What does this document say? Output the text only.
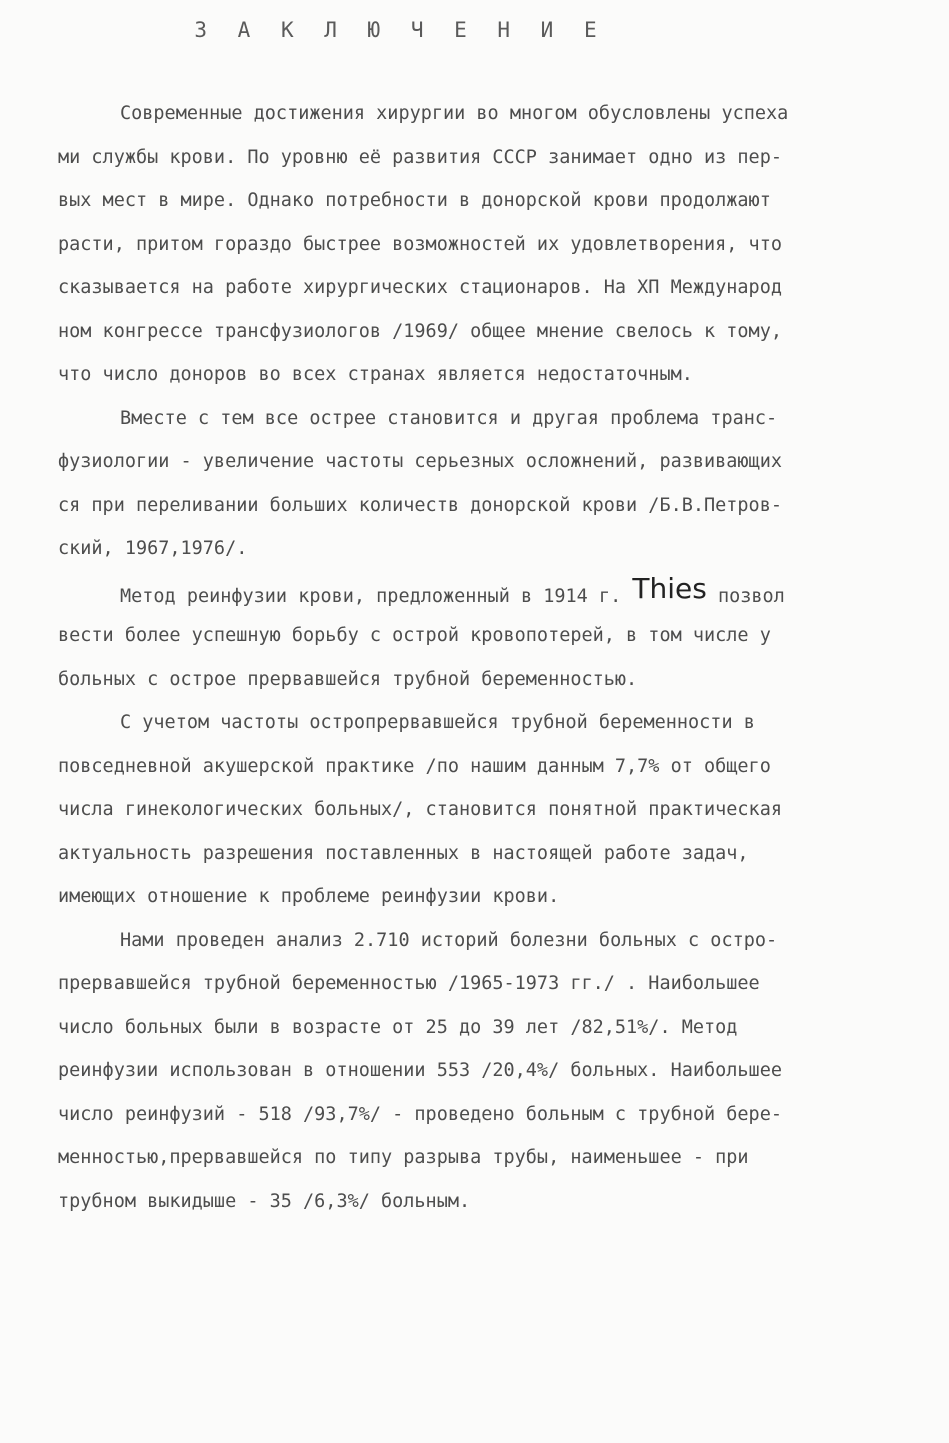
З А К Л Ю Ч Е Н И Е
Современные достижения хирургии во многом обусловлены успеха
ми службы крови. По уровню её развития СССР занимает одно из пер-
вых мест в мире. Однако потребности в донорской крови продолжают
расти, притом гораздо быстрее возможностей их удовлетворения, что
сказывается на работе хирургических стационаров. На ХП Международ
ном конгрессе трансфузиологов /1969/ общее мнение свелось к тому,
что число доноров во всех странах является недостаточным.
Вместе с тем все острее становится и другая проблема транс-
фузиологии - увеличение частоты серьезных осложнений, развивающих
ся при переливании больших количеств донорской крови /Б.В.Петров-
ский, 1967,1976/.
Метод реинфузии крови, предложенный в 1914 г. Thies позвол
вести более успешную борьбу с острой кровопотерей, в том числе у
больных с острое прервавшейся трубной беременностью.
С учетом частоты остропрервавшейся трубной беременности в
повседневной акушерской практике /по нашим данным 7,7% от общего
числа гинекологических больных/, становится понятной практическая
актуальность разрешения поставленных в настоящей работе задач,
имеющих отношение к проблеме реинфузии крови.
Нами проведен анализ 2.710 историй болезни больных с остро-
прервавшейся трубной беременностью /1965-1973 гг./ . Наибольшее
число больных были в возрасте от 25 до 39 лет /82,51%/. Метод
реинфузии использован в отношении 553 /20,4%/ больных. Наибольшее
число реинфузий - 518 /93,7%/ - проведено больным с трубной бере-
менностью,прервавшейся по типу разрыва трубы, наименьшее - при
трубном выкидыше - 35 /6,3%/ больным.
